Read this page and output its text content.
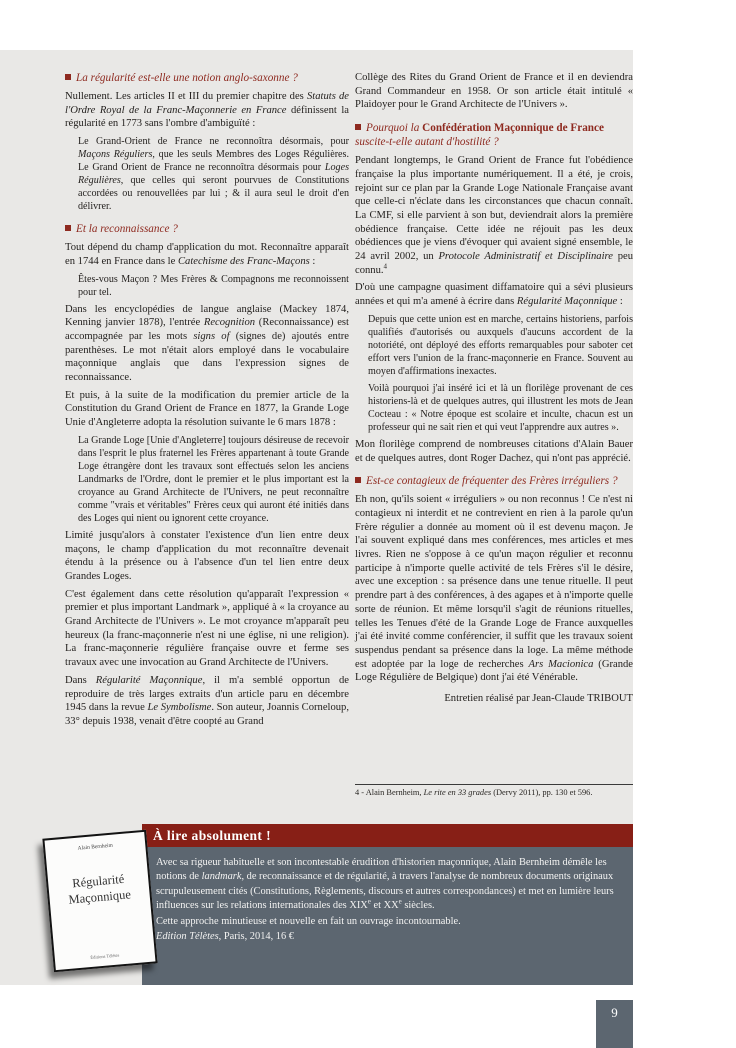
La régularité est-elle une notion anglo-saxonne ?

Nullement. Les articles II et III du premier chapitre des Statuts de l'Ordre Royal de la Franc-Maçonnerie en France définissent la régularité en 1773 sans l'ombre d'ambiguïté :

Le Grand-Orient de France ne reconnoîtra désormais, pour Maçons Réguliers, que les seuls Membres des Loges Régulières. Le Grand Orient de France ne reconnoîtra désormais pour Loges Régulières, que celles qui seront pourvues de Constitutions accordées ou renouvellées par lui ; & il aura seul le droit d'en délivrer.

Et la reconnaissance ?

Tout dépend du champ d'application du mot. Reconnaître apparaît en 1744 en France dans le Catechisme des Franc-Maçons :

Êtes-vous Maçon ? Mes Frères & Compagnons me reconnoissent pour tel.

Dans les encyclopédies de langue anglaise (Mackey 1874, Kenning janvier 1878), l'entrée Recognition (Reconnaissance) est accompagnée par les mots signs of (signes de) ajoutés entre parenthèses. Le mot n'était alors employé dans le vocabulaire maçonnique anglais que dans l'expression signes de reconnaissance.

Et puis, à la suite de la modification du premier article de la Constitution du Grand Orient de France en 1877, la Grande Loge Unie d'Angleterre adopta la résolution suivante le 6 mars 1878 :

La Grande Loge [Unie d'Angleterre] toujours désireuse de recevoir dans l'esprit le plus fraternel les Frères appartenant à toute Grande Loge étrangère dont les travaux sont effectués selon les anciens Landmarks de l'Ordre, dont le premier et le plus important est la croyance au Grand Architecte de l'Univers, ne peut reconnaître comme "vrais et véritables" Frères ceux qui auront été initiés dans des Loges qui nient ou ignorent cette croyance.

Limité jusqu'alors à constater l'existence d'un lien entre deux maçons, le champ d'application du mot reconnaître devenait étendu à la présence ou à l'absence d'un tel lien entre deux Grandes Loges.

C'est également dans cette résolution qu'apparaît l'expression « premier et plus important Landmark », appliqué à « la croyance au Grand Architecte de l'Univers ». Le mot croyance m'apparaît peu heureux (la franc-maçonnerie n'est ni une église, ni une religion). La franc-maçonnerie régulière française ouvre et ferme ses travaux avec une invocation au Grand Architecte de l'Univers.

Dans Régularité Maçonnique, il m'a semblé opportun de reproduire de très larges extraits d'un article paru en décembre 1945 dans la revue Le Symbolisme. Son auteur, Joannis Corneloup, 33° depuis 1938, venait d'être coopté au Grand

Collège des Rites du Grand Orient de France et il en deviendra Grand Commandeur en 1958. Or son article était intitulé « Plaidoyer pour le Grand Architecte de l'Univers ».

Pourquoi la Confédération Maçonnique de France suscite-t-elle autant d'hostilité ?

Pendant longtemps, le Grand Orient de France fut l'obédience française la plus importante numériquement. Il a été, je crois, rejoint sur ce plan par la Grande Loge Nationale Française avant que celle-ci n'éclate dans les circonstances que chacun connaît. La CMF, si elle parvient à son but, deviendrait alors la première obédience française. Cette idée ne réjouit pas les deux obédiences que je viens d'évoquer qui avaient signé ensemble, le 24 avril 2002, un Protocole Administratif et Disciplinaire peu connu.$^4$

D'où une campagne quasiment diffamatoire qui a sévi plusieurs années et qui m'a amené à écrire dans Régularité Maçonnique :

Depuis que cette union est en marche, certains historiens, parfois qualifiés d'autorisés ou auxquels d'aucuns accordent de la notoriété, ont déployé des efforts remarquables pour saboter cet effort vers l'union de la franc-maçonnerie en France. Souvent au moyen d'affirmations inexactes.

Voilà pourquoi j'ai inséré ici et là un florilège provenant de ces historiens-là et de quelques autres, qui illustrent les mots de Jean Cocteau : « Notre époque est scolaire et inculte, chacun est un professeur qui ne sait rien et qui veut l'apprendre aux autres ».

Mon florilège comprend de nombreuses citations d'Alain Bauer et de quelques autres, dont Roger Dachez, qui n'ont pas apprécié.

Est-ce contagieux de fréquenter des Frères irréguliers ?

Eh non, qu'ils soient « irréguliers » ou non reconnus ! Ce n'est ni contagieux ni interdit et ne contrevient en rien à la parole qu'un Frère régulier a donnée au moment où il est devenu maçon. Je l'ai souvent expliqué dans mes conférences, mes articles et mes livres. Rien ne s'oppose à ce qu'un maçon régulier et reconnu participe à n'importe quelle activité de tels Frères s'il le désire, avec une exception : sa présence dans une tenue rituelle. Il peut prendre part à des conférences, à des agapes et à n'importe quelle sorte de réunion. Et même lorsqu'il s'agit de réunions rituelles, telles les Tenues d'été de la Grande Loge de France auxquelles j'ai été invité comme conférencier, il suffit que les travaux soient suspendus pendant sa présence dans la loge. La même méthode est adoptée par la loge de recherches Ars Macionica (Grande Loge Régulière de Belgique) dont j'ai été Vénérable.

Entretien réalisé par Jean-Claude TRIBOUT

4 - Alain Bernheim, Le rite en 33 grades (Dervy 2011), pp. 130 et 596.
À lire absolument !

Avec sa rigueur habituelle et son incontestable érudition d'historien maçonnique, Alain Bernheim démêle les notions de landmark, de reconnaissance et de régularité, à travers l'analyse de nombreux documents originaux scrupuleusement cités (Constitutions, Règlements, discours et autres correspondances) et met en lumière leurs influences sur les relations internationales des XIXe et XXe siècles.

Cette approche minutieuse et nouvelle en fait un ouvrage incontournable.

Edition Télètes, Paris, 2014, 16 €

Alain Bernheim
Régularité
Maçonnique
Éditions Télètes
9
